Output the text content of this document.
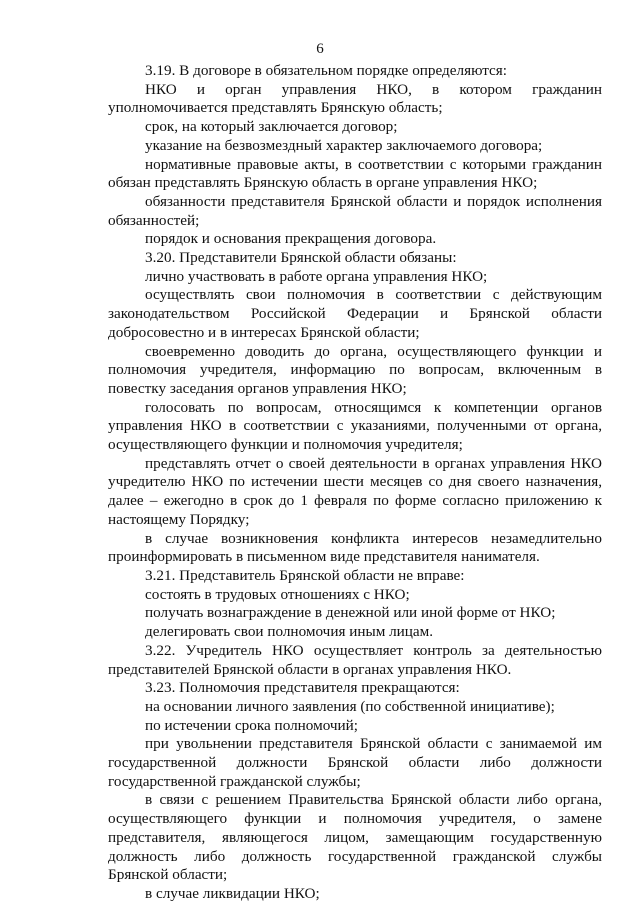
6

3.19. В договоре в обязательном порядке определяются:

НКО и орган управления НКО, в котором гражданин уполномочивается представлять Брянскую область;

срок, на который заключается договор;

указание на безвозмездный характер заключаемого договора;

нормативные правовые акты, в соответствии с которыми гражданин обязан представлять Брянскую область в органе управления НКО;

обязанности представителя Брянской области и порядок исполнения обязанностей;

порядок и основания прекращения договора.

3.20. Представители Брянской области обязаны:

лично участвовать в работе органа управления НКО;

осуществлять свои полномочия в соответствии с действующим законодательством Российской Федерации и Брянской области добросовестно и в интересах Брянской области;

своевременно доводить до органа, осуществляющего функции и полномочия учредителя, информацию по вопросам, включенным в повестку заседания органов управления НКО;

голосовать по вопросам, относящимся к компетенции органов управления НКО в соответствии с указаниями, полученными от органа, осуществляющего функции и полномочия учредителя;

представлять отчет о своей деятельности в органах управления НКО учредителю НКО по истечении шести месяцев со дня своего назначения, далее – ежегодно в срок до 1 февраля по форме согласно приложению к настоящему Порядку;

в случае возникновения конфликта интересов незамедлительно проинформировать в письменном виде представителя нанимателя.

3.21. Представитель Брянской области не вправе:

состоять в трудовых отношениях с НКО;

получать вознаграждение в денежной или иной форме от НКО;

делегировать свои полномочия иным лицам.

3.22. Учредитель НКО осуществляет контроль за деятельностью представителей Брянской области в органах управления НКО.

3.23. Полномочия представителя прекращаются:

на основании личного заявления (по собственной инициативе);

по истечении срока полномочий;

при увольнении представителя Брянской области с занимаемой им государственной должности Брянской области либо должности государственной гражданской службы;

в связи с решением Правительства Брянской области либо органа, осуществляющего функции и полномочия учредителя, о замене представителя, являющегося лицом, замещающим государственную должность либо должность государственной гражданской службы Брянской области;

в случае ликвидации НКО;
